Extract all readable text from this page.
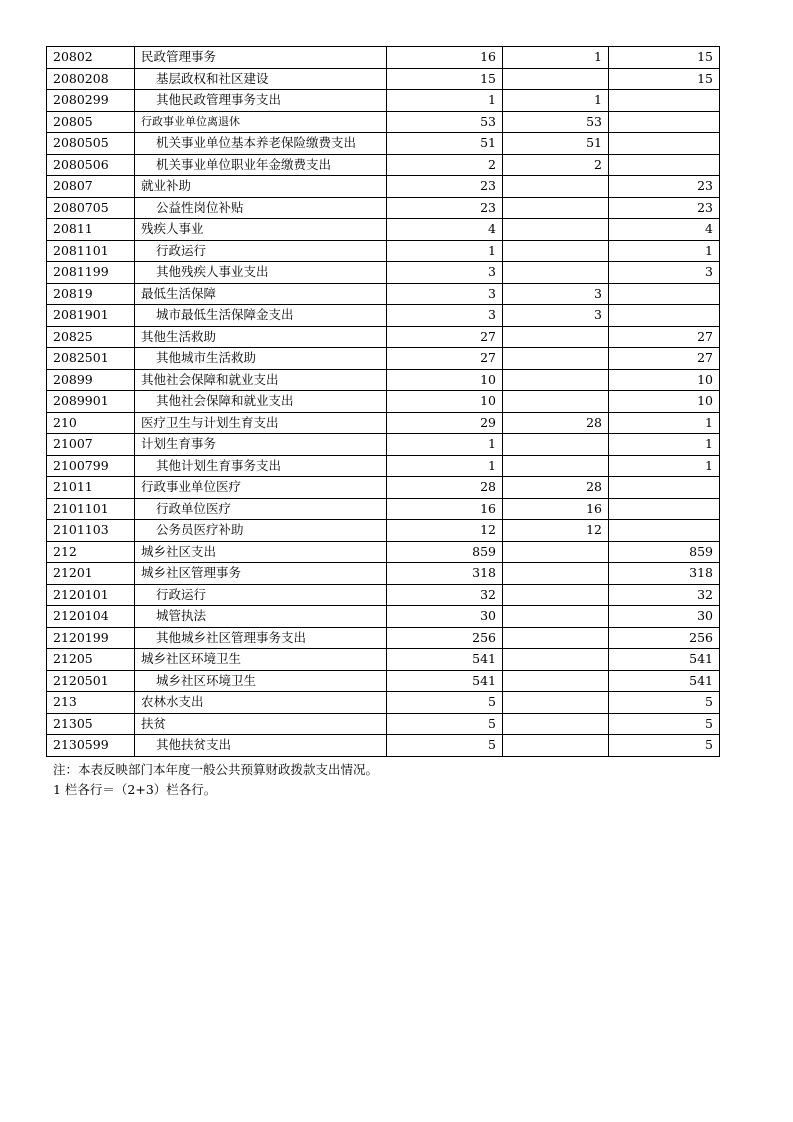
20802	民政管理事务	16	1	15
2080208	基层政权和社区建设	15		15
2080299	其他民政管理事务支出	1	1	
20805	行政事业单位离退休	53	53	
2080505	机关事业单位基本养老保险缴费支出	51	51	
2080506	机关事业单位职业年金缴费支出	2	2	
20807	就业补助	23		23
2080705	公益性岗位补贴	23		23
20811	残疾人事业	4		4
2081101	行政运行	1		1
2081199	其他残疾人事业支出	3		3
20819	最低生活保障	3	3	
2081901	城市最低生活保障金支出	3	3	
20825	其他生活救助	27		27
2082501	其他城市生活救助	27		27
20899	其他社会保障和就业支出	10		10
2089901	其他社会保障和就业支出	10		10
210	医疗卫生与计划生育支出	29	28	1
21007	计划生育事务	1		1
2100799	其他计划生育事务支出	1		1
21011	行政事业单位医疗	28	28	
2101101	行政单位医疗	16	16	
2101103	公务员医疗补助	12	12	
212	城乡社区支出	859		859
21201	城乡社区管理事务	318		318
2120101	行政运行	32		32
2120104	城管执法	30		30
2120199	其他城乡社区管理事务支出	256		256
21205	城乡社区环境卫生	541		541
2120501	城乡社区环境卫生	541		541
213	农林水支出	5		5
21305	扶贫	5		5
2130599	其他扶贫支出	5		5
注：本表反映部门本年度一般公共预算财政拨款支出情况。
1 栏各行＝（2+3）栏各行。
